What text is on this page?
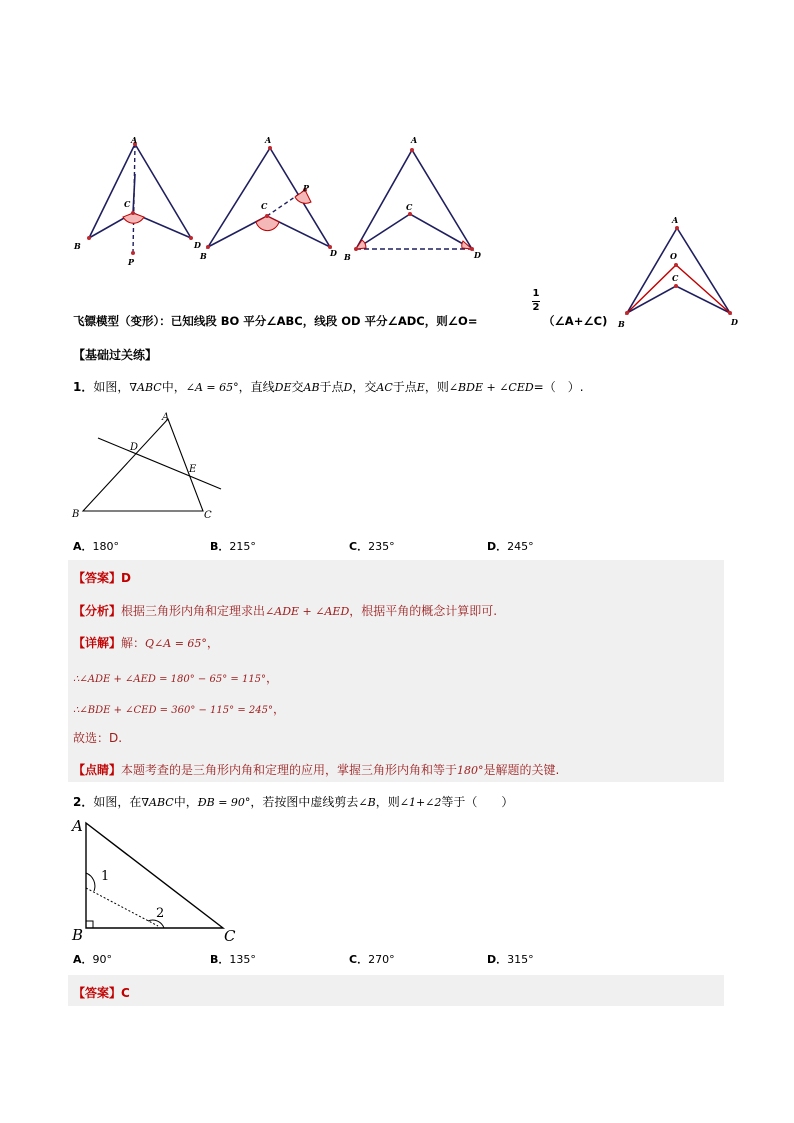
A
B
C
D
P
A
B
C
D
P
A
B
C
D
A
B
C
D
O
飞镖模型（变形）：已知线段 BO 平分∠ABC，线段 OD 平分∠ADC，则∠O=
1
2
（∠A+∠C)
【基础过关练】
1．如图，∇ABC中，∠A = 65°，直线DE交AB于点D，交AC于点E，则∠BDE + ∠CED=（　）.
A
B	C
D
E
A．180°	B．215°	C．235°	D．245°
【答案】D
【分析】根据三角形内角和定理求出∠ADE + ∠AED，根据平角的概念计算即可.
【详解】解：Q∠A = 65°，
∴∠ADE + ∠AED = 180° − 65° = 115°，
∴∠BDE + ∠CED = 360° − 115° = 245°，
故选：D.
【点睛】本题考查的是三角形内角和定理的应用，掌握三角形内角和等于180°是解题的关键.
2．如图，在∇ABC中，ÐB = 90°，若按图中虚线剪去∠B，则∠1+∠2等于（　　）
A
B	C
1
2
A．90°	B．135°	C．270°	D．315°
【答案】C
